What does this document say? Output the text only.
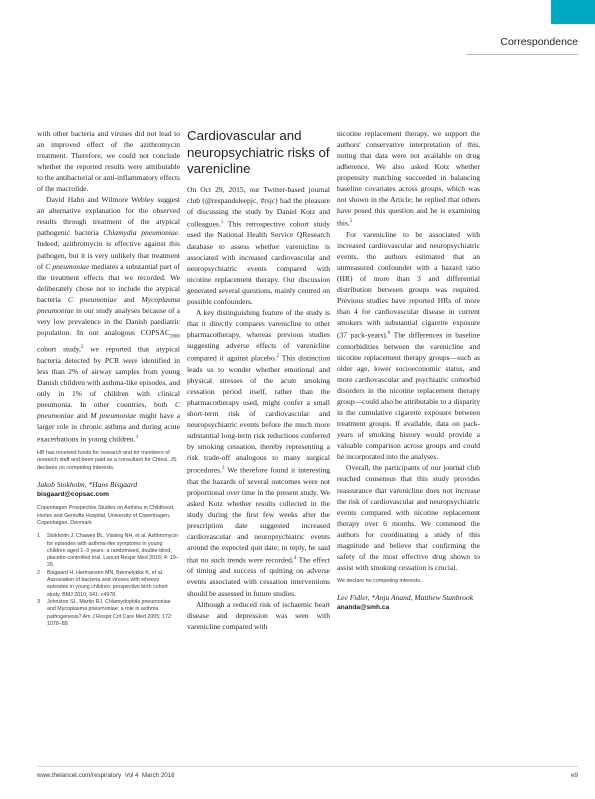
Correspondence

with other bacteria and viruses did not lead to an improved effect of the azithromycin treatment. Therefore, we could not conclude whether the reported results were attributable to the antibacterial or anti-inflammatory effects of the macrolide.

David Hahn and Wilmore Webley suggest an alternative explanation for the observed results through treatment of the atypical pathogenic bacteria Chlamydia pneumoniae. Indeed, azithromycin is effective against this pathogen, but it is very unlikely that treatment of C pneumoniae mediates a substantial part of the treatment effects that we recorded. We deliberately chose not to include the atypical bacteria C pneumoniae and Mycoplasma pneumoniae in our study analyses because of a very low prevalence in the Danish paediatric population. In our analogous $COPSAC_{2000}$ cohort study,$^2$ we reported that atypical bacteria detected by PCR were identified in less than 2% of airway samples from young Danish children with asthma-like episodes, and only in 1% of children with clinical pneumonia. In other countries, both C pneumoniae and M pneumoniae might have a larger role in chronic asthma and during acute exacerbations in young children.$^3$

HB has received funds for research and for members of research staff and been paid as a consultant for Chiesi. JS declares no competing interests.
Jakob Stokholm, *Hans Bisgaard
bisgaard@copsac.com
Copenhagen Prospective Studies on Asthma in Childhood, Herlev and Gentofte Hospital, University of Copenhagen, Copenhagen, Denmark
1	Stokholm J, Chawes BL, Vissing NH, et al. Azithromycin for episodes with asthma-like symptoms in young children aged 1–3 years: a randomised, double-blind, placebo-controlled trial. Lancet Respir Med 2016; 4: 19–26.
2	Bisgaard H, Hermansen MN, Bønnelykke K, et al. Association of bacteria and viruses with wheezy episodes in young children: prospective birth cohort study. BMJ 2010; 341: c4978.
3	Johnston SL, Martin RJ. Chlamydophila pneumoniae and Mycoplasma pneumoniae: a role in asthma pathogenesis? Am J Respir Crit Care Med 2005; 172: 1078–89.
Cardiovascular and neuropsychiatric risks of varenicline

On Oct 29, 2015, our Twitter-based journal club (@respandsleepjc, #rsjc) had the pleasure of discussing the study by Daniel Kotz and colleagues.$^1$ This retrospective cohort study used the National Health Service QResearch database to assess whether varenicline is associated with increased cardiovascular and neuropsychiatric events compared with nicotine replacement therapy. Our discussion generated several questions, mainly centred on possible confounders.

A key distinguishing feature of the study is that it directly compares varenicline to other pharmacotherapy, whereas previous studies suggesting adverse effects of varenicline compared it against placebo.$^2$ This distinction leads us to wonder whether emotional and physical stresses of the acute smoking cessation period itself, rather than the pharmacotherapy used, might confer a small short-term risk of cardiovascular and neuropsychiatric events before the much more substantial long-term risk reductions conferred by smoking cessation, thereby representing a risk trade-off analogous to many surgical procedures.$^3$ We therefore found it interesting that the hazards of several outcomes were not proportional over time in the present study. We asked Kotz whether results collected in the study during the first few weeks after the prescription date suggested increased cardiovascular and neuropsychiatric events around the expected quit date; in reply, he said that no such trends were recorded.$^4$ The effect of timing and success of quitting on adverse events associated with cessation interventions should be assessed in future studies.

Although a reduced risk of ischaemic heart disease and depression was seen with varenicline compared with

nicotine replacement therapy, we support the authors' conservative interpretation of this, noting that data were not available on drug adherence. We also asked Kotz whether propensity matching succeeded in balancing baseline covariates across groups, which was not shown in the Article; he replied that others have posed this question and he is examining this.$^5$

For varenicline to be associated with increased cardiovascular and neuropsychiatric events, the authors estimated that an unmeasured confounder with a hazard ratio (HR) of more than 3 and differential distribution between groups was required. Previous studies have reported HRs of more than 4 for cardiovascular disease in current smokers with substantial cigarette exposure (37 pack-years).$^6$ The differences in baseline comorbidities between the varenicline and nicotine replacement therapy groups—such as older age, lower socioeconomic status, and more cardiovascular and psychiatric comorbid disorders in the nicotine replacement therapy group—could also be attributable to a disparity in the cumulative cigarette exposure between treatment groups. If available, data on pack-years of smoking history would provide a valuable comparison across groups and could be incorporated into the analyses.

Overall, the participants of our journal club reached consensus that this study provides reassurance that varenicline does not increase the risk of cardiovascular and neuropsychiatric events compared with nicotine replacement therapy over 6 months. We commend the authors for coordinating a study of this magnitude and believe that confirming the safety of the most effective drug shown to assist with smoking cessation is crucial.

We declare no competing interests.
Lee Fidler, *Anju Anand, Matthew Stanbrook
ananda@smh.ca
www.thelancet.com/respiratory Vol 4 March 2016	e9
